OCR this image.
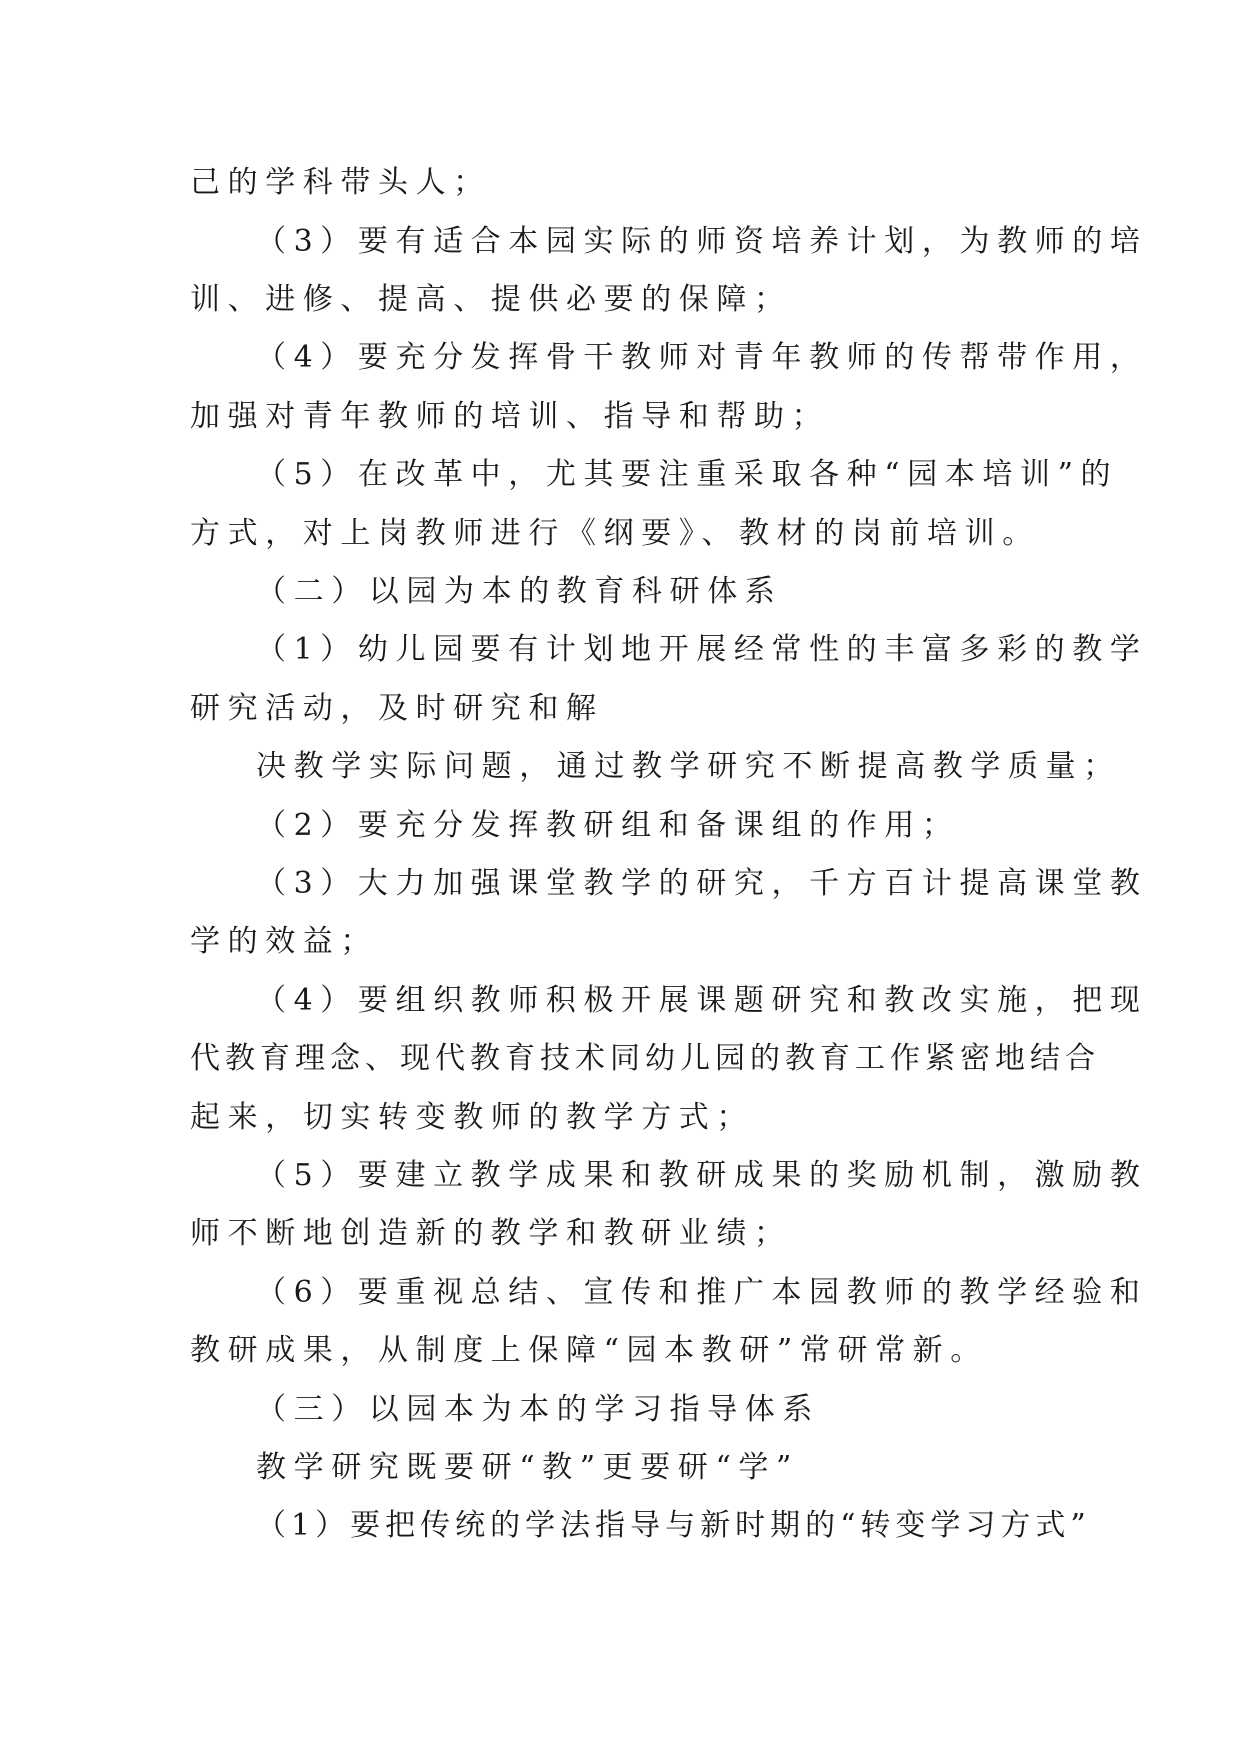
己的学科带头人；
（3）要有适合本园实际的师资培养计划，为教师的培
训、进修、提高、提供必要的保障；
（4）要充分发挥骨干教师对青年教师的传帮带作用，
加强对青年教师的培训、指导和帮助；
（5）在改革中，尤其要注重采取各种“园本培训”的
方式，对上岗教师进行《纲要》、教材的岗前培训。
（二）以园为本的教育科研体系
（1）幼儿园要有计划地开展经常性的丰富多彩的教学
研究活动，及时研究和解
决教学实际问题，通过教学研究不断提高教学质量；
（2）要充分发挥教研组和备课组的作用；
（3）大力加强课堂教学的研究，千方百计提高课堂教
学的效益；
（4）要组织教师积极开展课题研究和教改实施，把现
代教育理念、现代教育技术同幼儿园的教育工作紧密地结合
起来，切实转变教师的教学方式；
（5）要建立教学成果和教研成果的奖励机制，激励教
师不断地创造新的教学和教研业绩；
（6）要重视总结、宣传和推广本园教师的教学经验和
教研成果，从制度上保障“园本教研”常研常新。
（三）以园本为本的学习指导体系
教学研究既要研“教”更要研“学”
（1）要把传统的学法指导与新时期的“转变学习方式”
